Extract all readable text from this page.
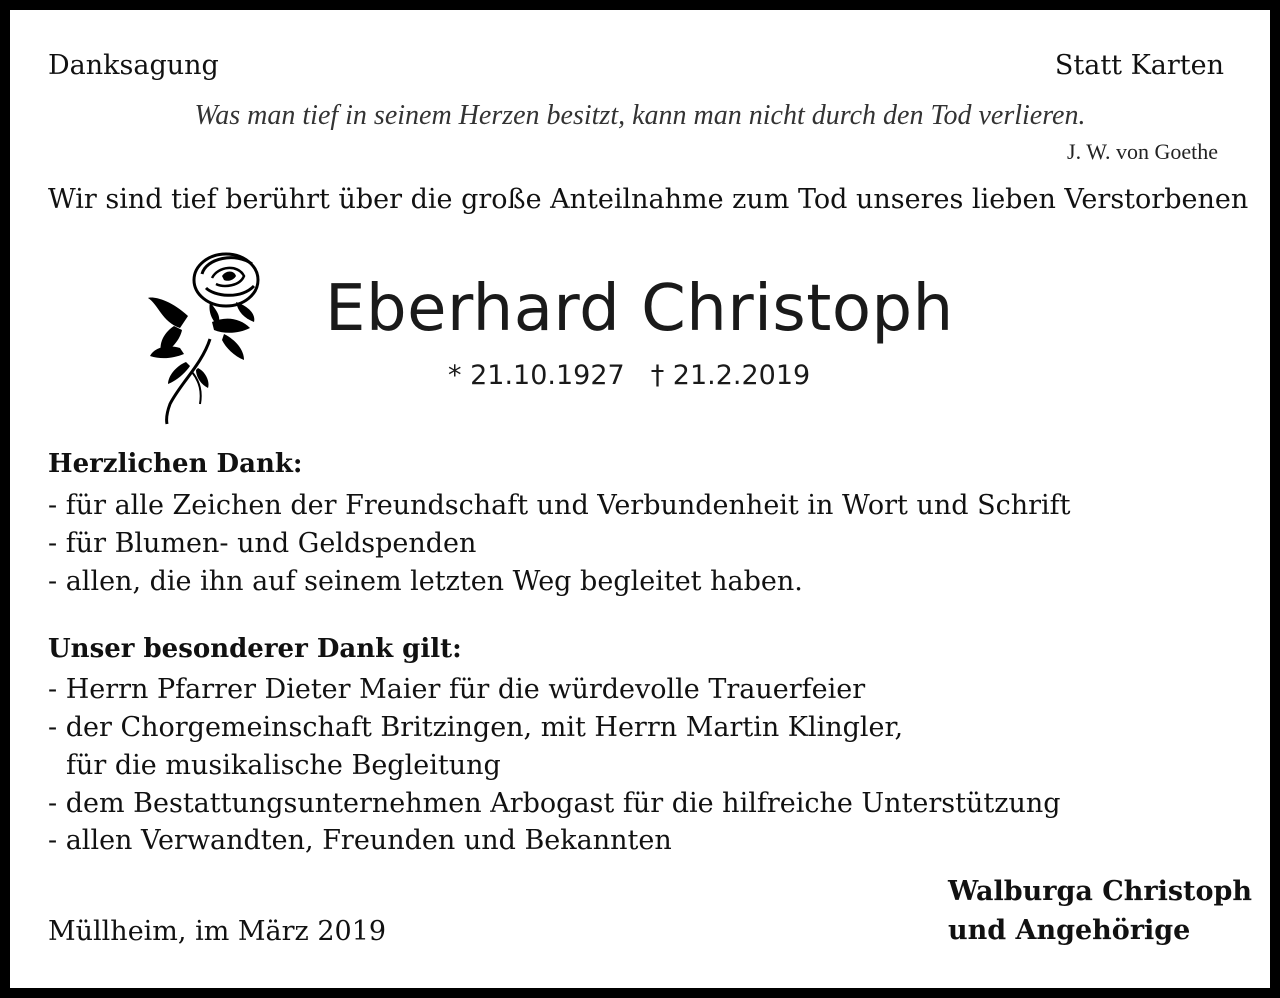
Danksagung	Statt Karten
Was man tief in seinem Herzen besitzt, kann man nicht durch den Tod verlieren.
J. W. von Goethe
Wir sind tief berührt über die große Anteilnahme zum Tod unseres lieben Verstorbenen
Eberhard Christoph
* 21.10.1927 † 21.2.2019
Herzlichen Dank:
- für alle Zeichen der Freundschaft und Verbundenheit in Wort und Schrift
- für Blumen- und Geldspenden
- allen, die ihn auf seinem letzten Weg begleitet haben.
Unser besonderer Dank gilt:
- Herrn Pfarrer Dieter Maier für die würdevolle Trauerfeier
- der Chorgemeinschaft Britzingen, mit Herrn Martin Klingler,
für die musikalische Begleitung
- dem Bestattungsunternehmen Arbogast für die hilfreiche Unterstützung
- allen Verwandten, Freunden und Bekannten
Müllheim, im März 2019
Walburga Christoph
und Angehörige
